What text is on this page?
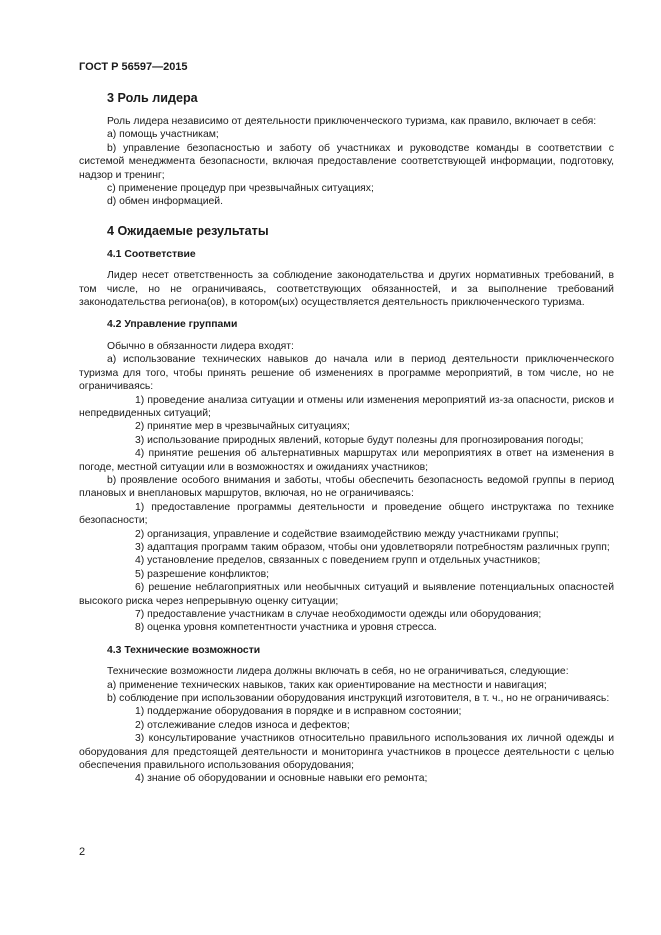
ГОСТ Р 56597—2015
3 Роль лидера

Роль лидера независимо от деятельности приключенческого туризма, как правило, включает в себя:

a) помощь участникам;

b) управление безопасностью и заботу об участниках и руководстве команды в соответствии с системой менеджмента безопасности, включая предоставление соответствующей информации, подготовку, надзор и тренинг;

c) применение процедур при чрезвычайных ситуациях;

d) обмен информацией.

4 Ожидаемые результаты
4.1 Соответствие

Лидер несет ответственность за соблюдение законодательства и других нормативных требований, в том числе, но не ограничиваясь, соответствующих обязанностей, и за выполнение требований законодательства региона(ов), в котором(ых) осуществляется деятельность приключенческого туризма.

4.2 Управление группами

Обычно в обязанности лидера входят:

a) использование технических навыков до начала или в период деятельности приключенческого туризма для того, чтобы принять решение об изменениях в программе мероприятий, в том числе, но не ограничиваясь:

1) проведение анализа ситуации и отмены или изменения мероприятий из-за опасности, рисков и непредвиденных ситуаций;

2) принятие мер в чрезвычайных ситуациях;

3) использование природных явлений, которые будут полезны для прогнозирования погоды;

4) принятие решения об альтернативных маршрутах или мероприятиях в ответ на изменения в погоде, местной ситуации или в возможностях и ожиданиях участников;

b) проявление особого внимания и заботы, чтобы обеспечить безопасность ведомой группы в период плановых и внеплановых маршрутов, включая, но не ограничиваясь:

1) предоставление программы деятельности и проведение общего инструктажа по технике безопасности;

2) организация, управление и содействие взаимодействию между участниками группы;

3) адаптация программ таким образом, чтобы они удовлетворяли потребностям различных групп;

4) установление пределов, связанных с поведением групп и отдельных участников;

5) разрешение конфликтов;

6) решение неблагоприятных или необычных ситуаций и выявление потенциальных опасностей высокого риска через непрерывную оценку ситуации;

7) предоставление участникам в случае необходимости одежды или оборудования;

8) оценка уровня компетентности участника и уровня стресса.

4.3 Технические возможности

Технические возможности лидера должны включать в себя, но не ограничиваться, следующие:

a) применение технических навыков, таких как ориентирование на местности и навигация;

b) соблюдение при использовании оборудования инструкций изготовителя, в т. ч., но не ограничиваясь:

1) поддержание оборудования в порядке и в исправном состоянии;

2) отслеживание следов износа и дефектов;

3) консультирование участников относительно правильного использования их личной одежды и оборудования для предстоящей деятельности и мониторинга участников в процессе деятельности с целью обеспечения правильного использования оборудования;

4) знание об оборудовании и основные навыки его ремонта;

2
